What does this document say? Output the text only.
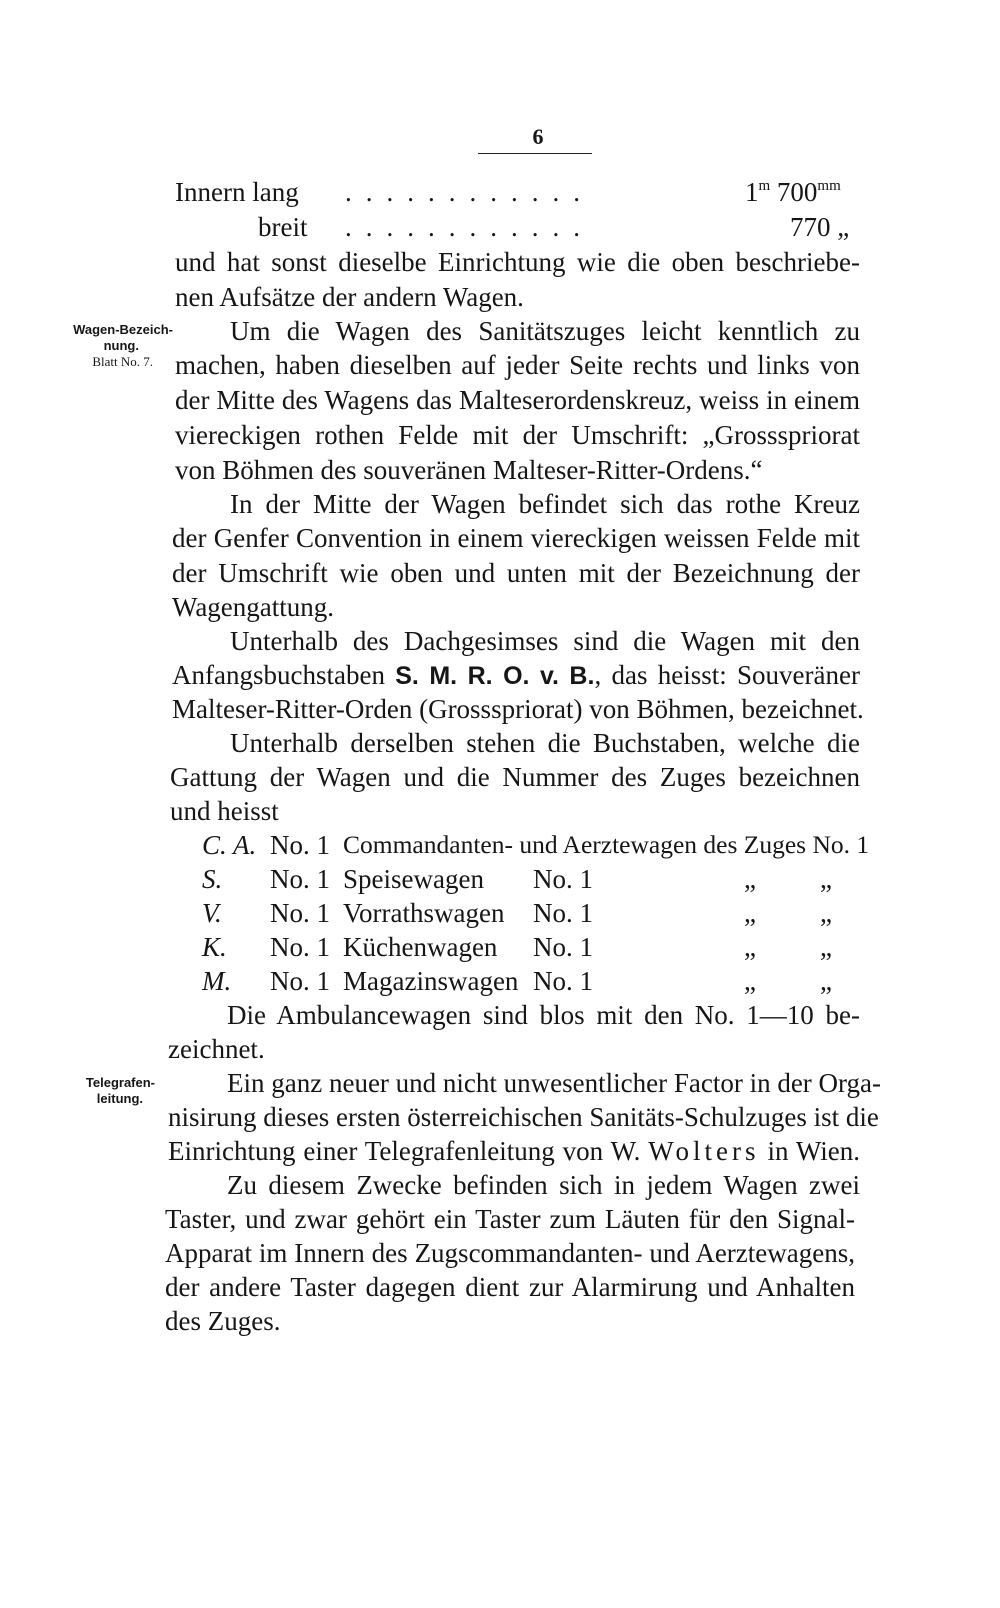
6
Innern lang ............	1$^m$ $700^{mm}$
breit ............	770 „
und hat sonst dieselbe Einrichtung wie die oben beschriebe-
nen Aufsätze der andern Wagen.
Wagen-Bezeich-
nung.
Blatt No. 7.
Um die Wagen des Sanitätszuges leicht kenntlich zu
machen, haben dieselben auf jeder Seite rechts und links von
der Mitte des Wagens das Malteserordenskreuz, weiss in einem
viereckigen rothen Felde mit der Umschrift: „Grossspriorat
von Böhmen des souveränen Malteser-Ritter-Ordens.“
In der Mitte der Wagen befindet sich das rothe Kreuz
der Genfer Convention in einem viereckigen weissen Felde mit
der Umschrift wie oben und unten mit der Bezeichnung der
Wagengattung.
Unterhalb des Dachgesimses sind die Wagen mit den
Anfangsbuchstaben S. M. R. O. v. B., das heisst: Souveräner
Malteser-Ritter-Orden (Grossspriorat) von Böhmen, bezeichnet.
Unterhalb derselben stehen die Buchstaben, welche die
Gattung der Wagen und die Nummer des Zuges bezeichnen
und heisst
C. A. No. 1 Commandanten- und Aerztewagen des Zuges No. 1
S. No. 1 Speisewagen No. 1	„ „
V. No. 1 Vorrathswagen No. 1	„ „
K. No. 1 Küchenwagen No. 1	„ „
M. No. 1 Magazinswagen No. 1	„ „
Die Ambulancewagen sind blos mit den No. 1—10 be-
zeichnet.
Telegrafen-
leitung.
Ein ganz neuer und nicht unwesentlicher Factor in der Orga-
nisirung dieses ersten österreichischen Sanitäts-Schulzuges ist die
Einrichtung einer Telegrafenleitung von W. Wolters in Wien.
Zu diesem Zwecke befinden sich in jedem Wagen zwei
Taster, und zwar gehört ein Taster zum Läuten für den Signal-
Apparat im Innern des Zugscommandanten- und Aerztewagens,
der andere Taster dagegen dient zur Alarmirung und Anhalten
des Zuges.
